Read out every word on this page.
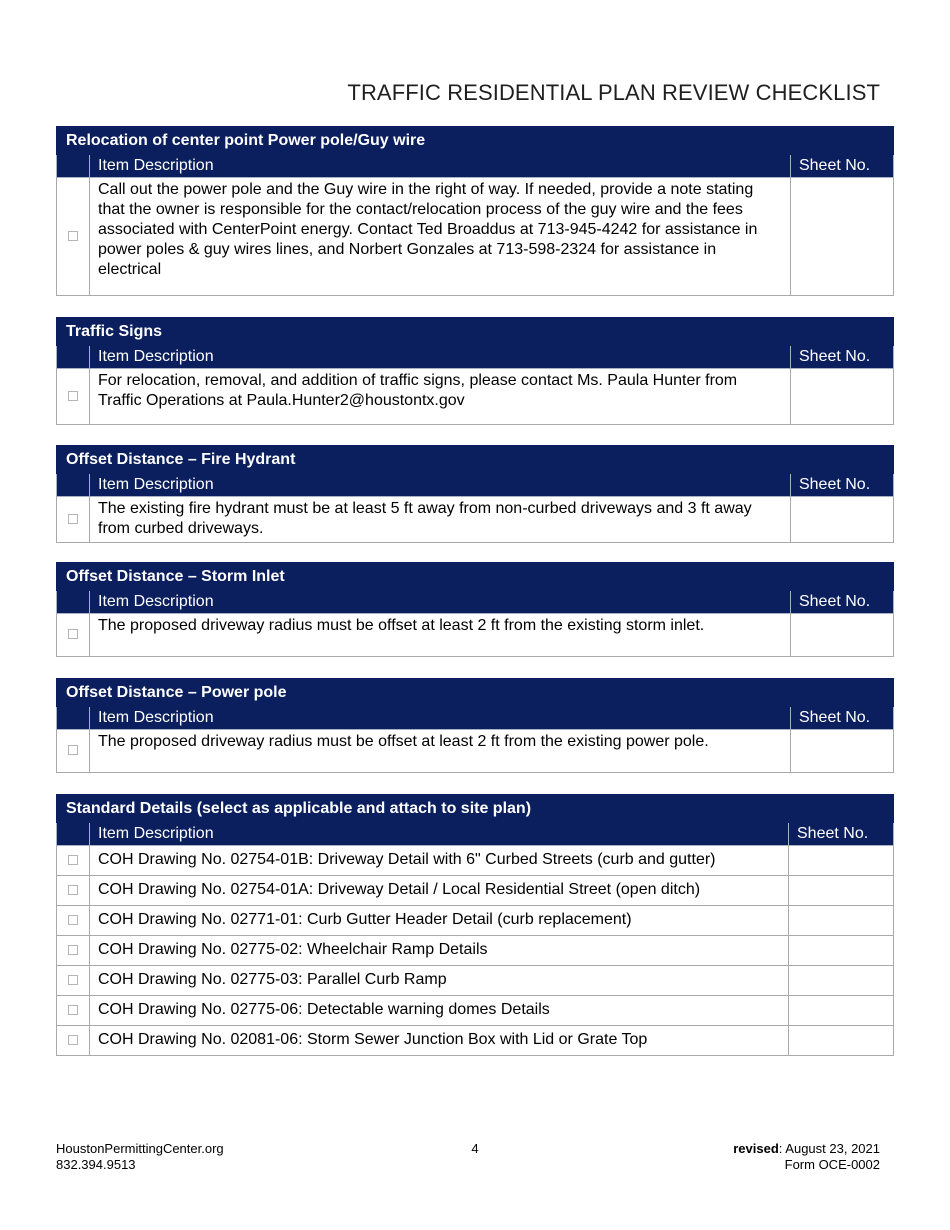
TRAFFIC RESIDENTIAL PLAN REVIEW CHECKLIST
Relocation of center point Power pole/Guy wire		
	Item Description	Sheet No.
	Call out the power pole and the Guy wire in the right of way. If needed, provide a note stating that the owner is responsible for the contact/relocation process of the guy wire and the fees associated with CenterPoint energy. Contact Ted Broaddus at 713-945-4242 for assistance in power poles & guy wires lines, and Norbert Gonzales at 713-598-2324 for assistance in electrical	
Traffic Signs		
	Item Description	Sheet No.
	For relocation, removal, and addition of traffic signs, please contact Ms. Paula Hunter from Traffic Operations at Paula.Hunter2@houstontx.gov	
Offset Distance – Fire Hydrant		
	Item Description	Sheet No.
	The existing fire hydrant must be at least 5 ft away from non-curbed driveways and 3 ft away from curbed driveways.	
Offset Distance – Storm Inlet		
	Item Description	Sheet No.
	The proposed driveway radius must be offset at least 2 ft from the existing storm inlet.	
Offset Distance – Power pole		
	Item Description	Sheet No.
	The proposed driveway radius must be offset at least 2 ft from the existing power pole.	
Standard Details (select as applicable and attach to site plan)		
	Item Description	Sheet No.
	COH Drawing No. 02754-01B: Driveway Detail with 6" Curbed Streets (curb and gutter)	
	COH Drawing No. 02754-01A: Driveway Detail / Local Residential Street (open ditch)	
	COH Drawing No. 02771-01: Curb Gutter Header Detail (curb replacement)	
	COH Drawing No. 02775-02: Wheelchair Ramp Details	
	COH Drawing No. 02775-03: Parallel Curb Ramp	
	COH Drawing No. 02775-06: Detectable warning domes Details	
	COH Drawing No. 02081-06: Storm Sewer Junction Box with Lid or Grate Top	
HoustonPermittingCenter.org
832.394.9513
4	revised: August 23, 2021
Form OCE-0002
